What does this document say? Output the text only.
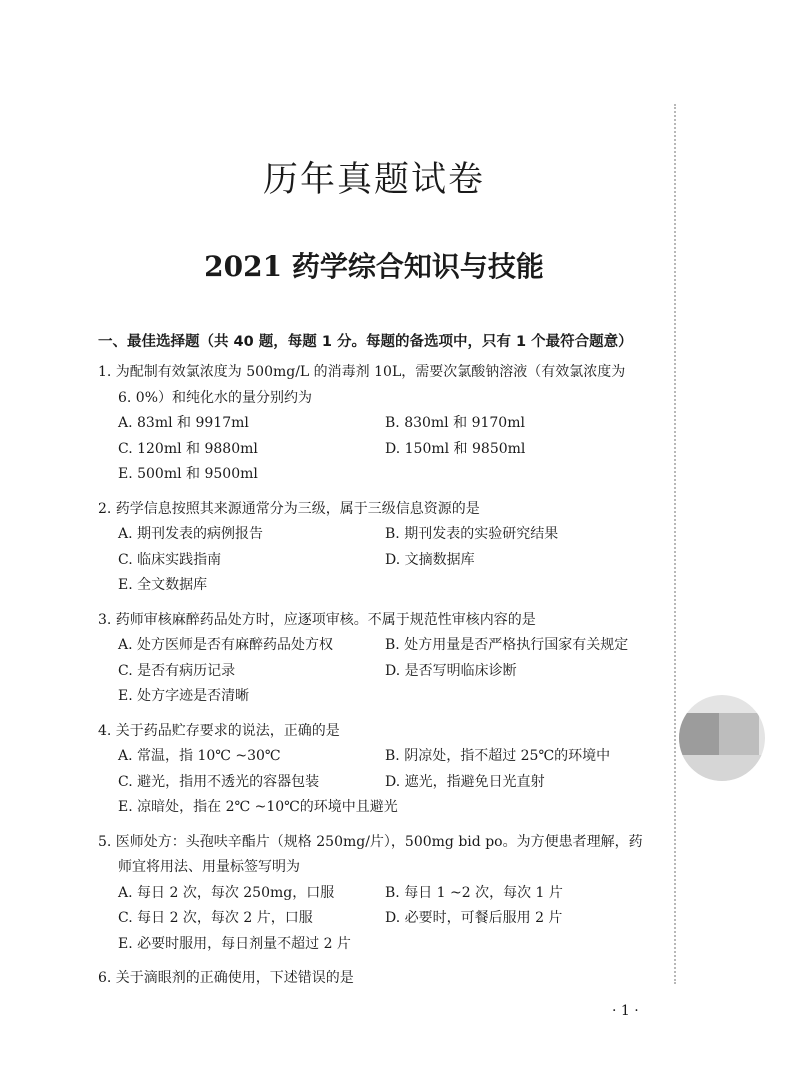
历年真题试卷
2021 药学综合知识与技能
一、最佳选择题（共 40 题，每题 1 分。每题的备选项中，只有 1 个最符合题意）
1. 为配制有效氯浓度为 500mg/L 的消毒剂 10L，需要次氯酸钠溶液（有效氯浓度为
6. 0%）和纯化水的量分别约为
A. 83ml 和 9917ml	B. 830ml 和 9170ml
C. 120ml 和 9880ml	D. 150ml 和 9850ml
E. 500ml 和 9500ml
2. 药学信息按照其来源通常分为三级，属于三级信息资源的是
A. 期刊发表的病例报告	B. 期刊发表的实验研究结果
C. 临床实践指南	D. 文摘数据库
E. 全文数据库
3. 药师审核麻醉药品处方时，应逐项审核。不属于规范性审核内容的是
A. 处方医师是否有麻醉药品处方权	B. 处方用量是否严格执行国家有关规定
C. 是否有病历记录	D. 是否写明临床诊断
E. 处方字迹是否清晰
4. 关于药品贮存要求的说法，正确的是
A. 常温，指 10℃ ~30℃	B. 阴凉处，指不超过 25℃的环境中
C. 避光，指用不透光的容器包装	D. 遮光，指避免日光直射
E. 凉暗处，指在 2℃ ~10℃的环境中且避光
5. 医师处方：头孢呋辛酯片（规格 250mg/片），500mg bid po。为方便患者理解，药
师宜将用法、用量标签写明为
A. 每日 2 次，每次 250mg，口服	B. 每日 1 ~2 次，每次 1 片
C. 每日 2 次，每次 2 片，口服	D. 必要时，可餐后服用 2 片
E. 必要时服用，每日剂量不超过 2 片
6. 关于滴眼剂的正确使用，下述错误的是
· 1 ·
